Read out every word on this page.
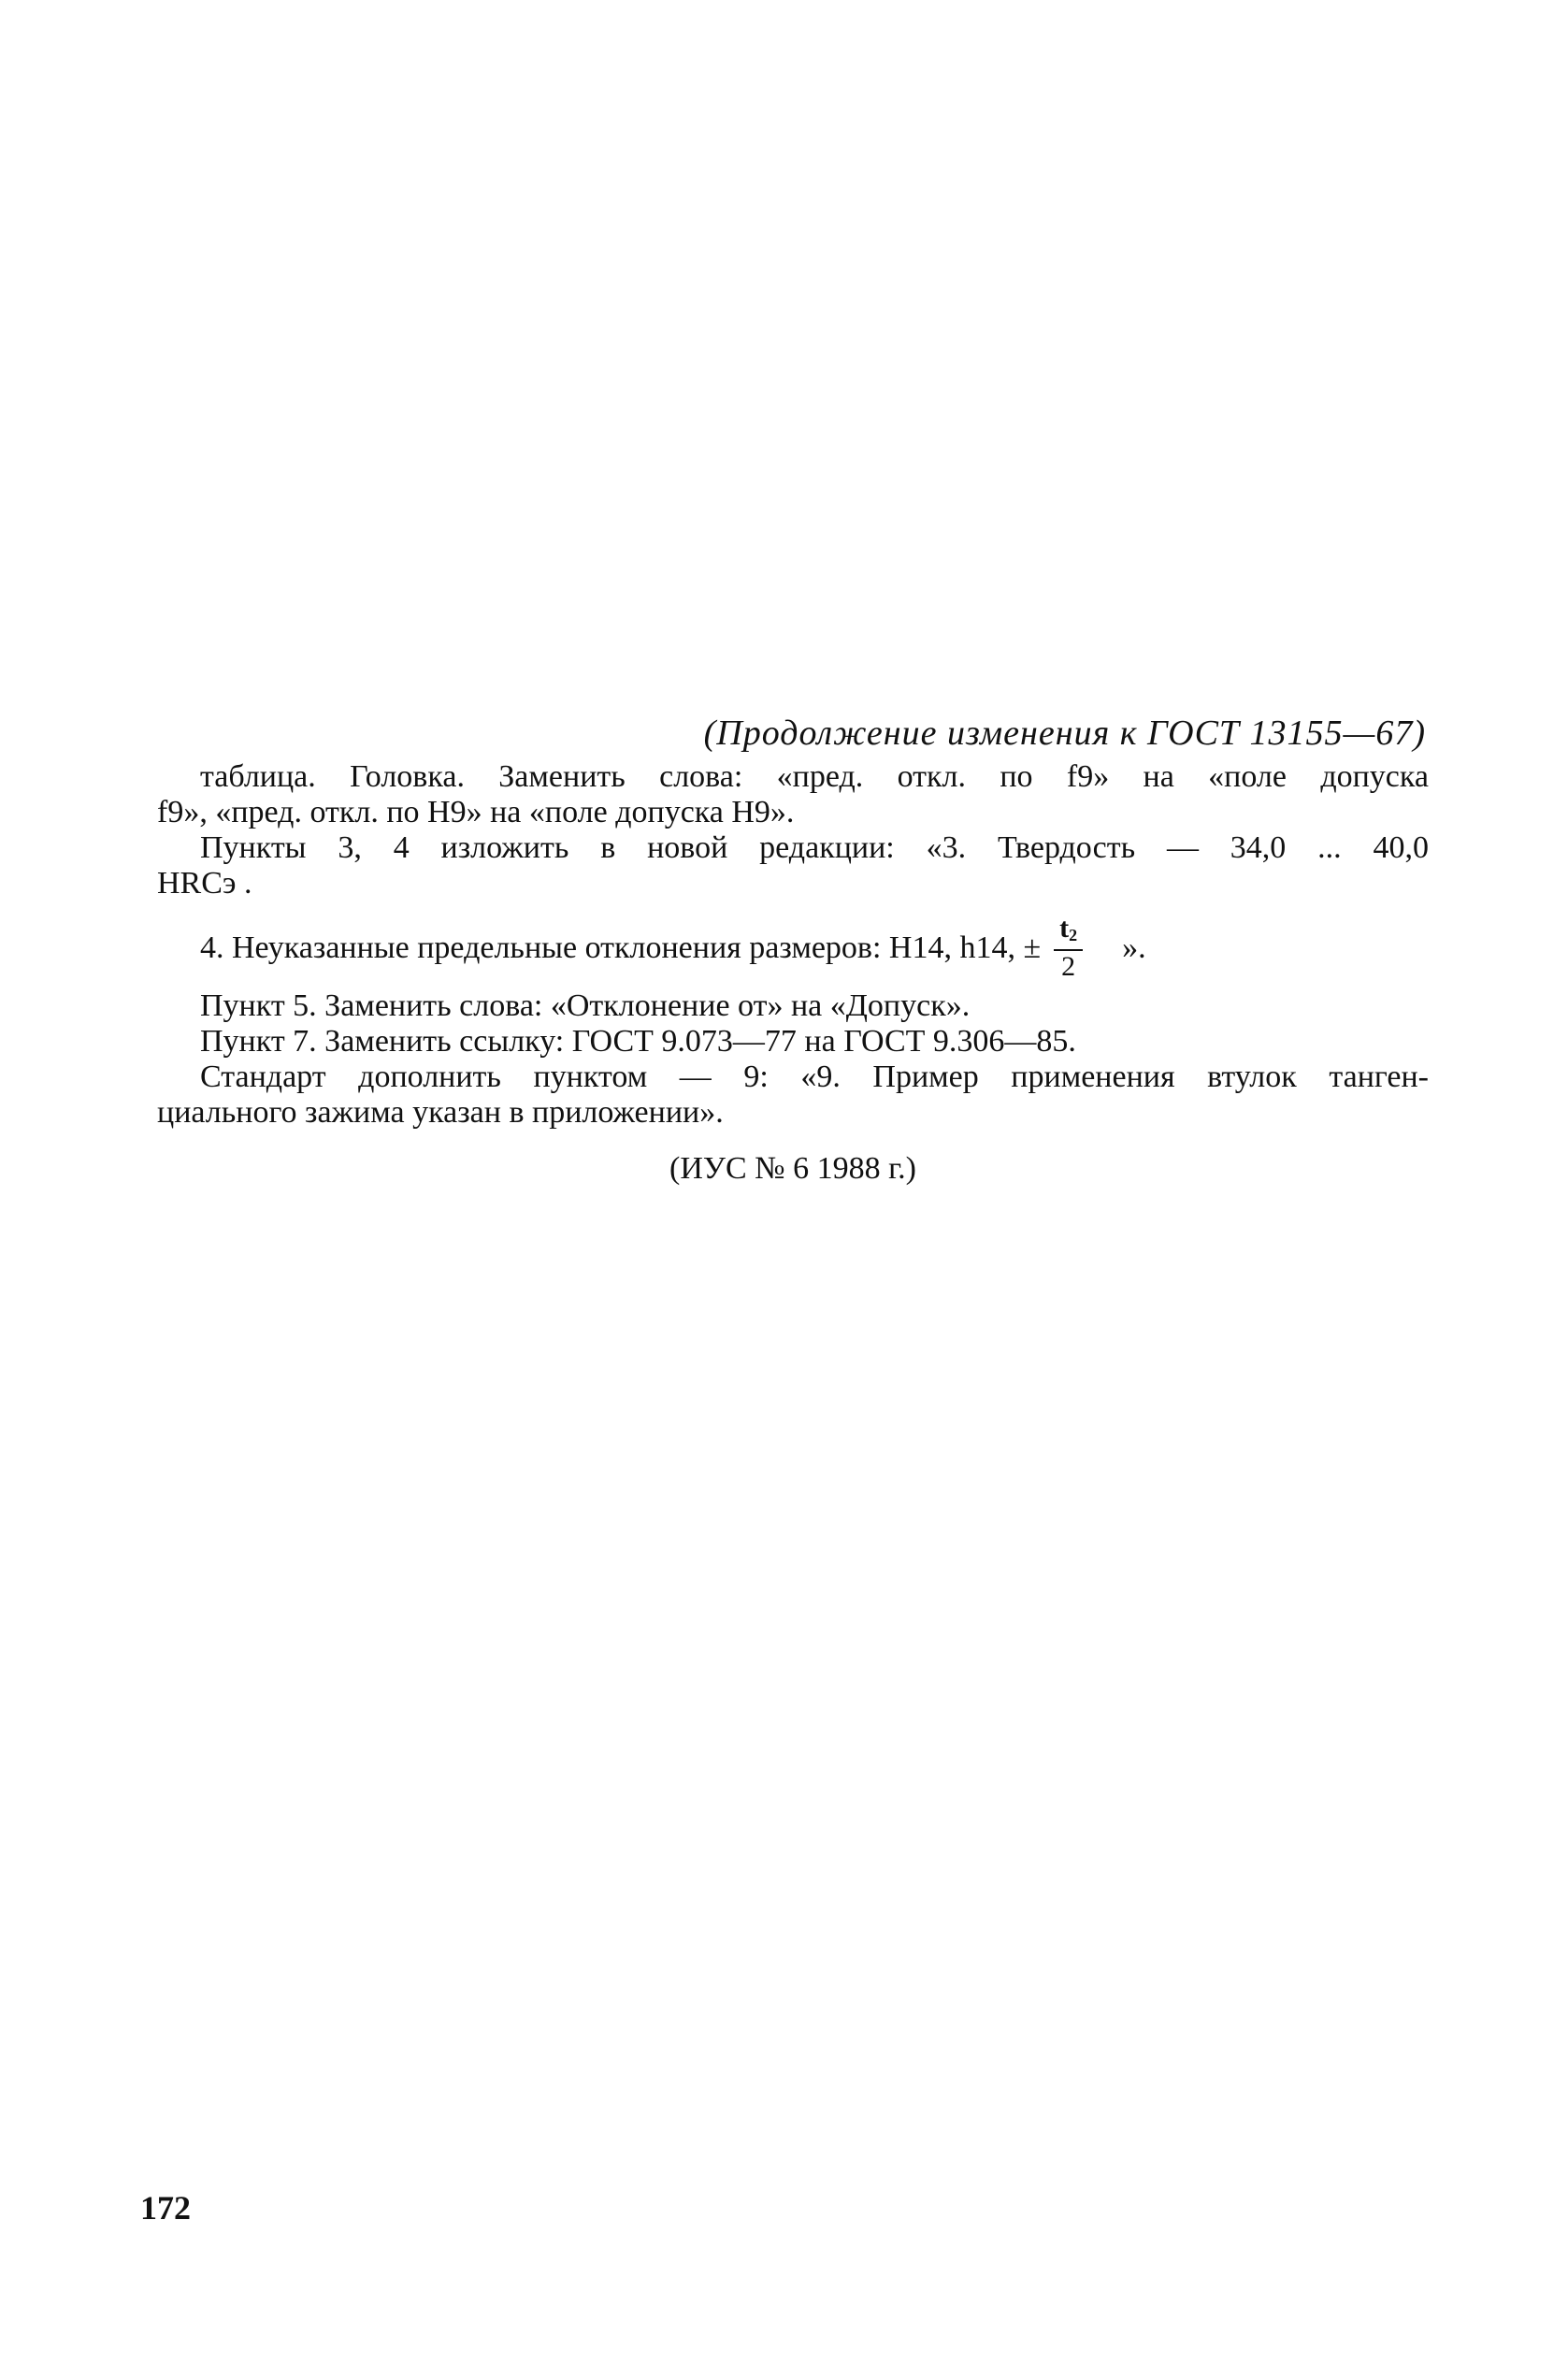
(Продолжение изменения к ГОСТ 13155—67)
таблица. Головка. Заменить слова: «пред. откл. по f9» на «поле допуска
f9», «пред. откл. по H9» на «поле допуска H9».
Пункты 3, 4 изложить в новой редакции: «3. Твердость — 34,0 ... 40,0
HRCэ .
4. Неуказанные предельные отклонения размеров: H14, h14, ± $\frac{t_2}{2}$ ».
Пункт 5. Заменить слова: «Отклонение от» на «Допуск».
Пункт 7. Заменить ссылку: ГОСТ 9.073—77 на ГОСТ 9.306—85.
Стандарт дополнить пунктом — 9: «9. Пример применения втулок танген-
циального зажима указан в приложении».
(ИУС № 6 1988 г.)
172
